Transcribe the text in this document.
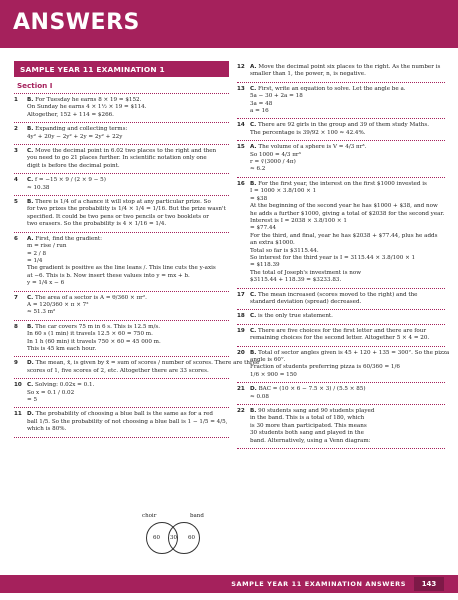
ANSWERS
SAMPLE YEAR 11 EXAMINATION 1
Section I
1	B. For Tuesday he earns 8 × 19 = $152.
On Sunday he earns 4 × 1½ × 19 = $114.
Altogether, 152 + 114 = $266.
2	B. Expanding and collecting terms:
4y² + 20y − 2y² + 2y = 2y² + 22y
3	C. Move the decimal point in 6.02 two places to the right and then
you need to go 21 places further. In scientific notation only one
digit is before the decimal point.
4	C. f = −15 × 9 / (2 × 9 − 5)
≈ 10.38
5	B. There is 1/4 of a chance it will stop at any particular prize. So
for two prizes the probability is 1/4 × 1/4 = 1/16. But the prize wasn't
specified. It could be two pens or two pencils or two booklets or
two erasers. So the probability is 4 × 1/16 = 1/4.
6	A. First, find the gradient:
m = rise / run
= 2 / 8
= 1/4
The gradient is positive as the line leans /. This line cuts the y-axis
at −6. This is b. Now insert these values into y = mx + b.
y = 1/4 x − 6
7	C. The area of a sector is A = θ/360 × πr².
A = 120/360 × π × 7²
≈ 51.3 m²
8	B. The car covers 75 m in 6 s. This is 12.5 m/s.
In 60 s (1 min) it travels 12.5 × 60 = 750 m.
In 1 h (60 min) it travels 750 × 60 = 45 000 m.
This is 45 km each hour.
9	D. The mean, x̄, is given by x̄ = sum of scores / number of scores. There are three
scores of 1, five scores of 2, etc. Altogether there are 33 scores.
10 C. Solving: 0.02x = 0.1.
So x = 0.1 / 0.02
= 5
11 D. The probability of choosing a blue ball is the same as for a red
ball 1/5. So the probability of not choosing a blue ball is 1 − 1/5 = 4/5,
which is 80%.
12 A. Move the decimal point six places to the right. As the number is
smaller than 1, the power, n, is negative.
13 C. First, write an equation to solve. Let the angle be a.
5a − 30 + 2a = 18
3a = 48
a = 16
14 C. There are 92 girls in the group and 39 of them study Maths.
The percentage is 39/92 × 100 ≈ 42.4%.
15 A. The volume of a sphere is V = 4/3 πr³.
So 1000 = 4/3 πr³
r = ∛(3000 / 4π)
≈ 6.2
16 B. For the first year, the interest on the first $1000 invested is
I = 1000 × 3.8/100 × 1
= $38
At the beginning of the second year he has $1000 + $38, and now
he adds a further $1000, giving a total of $2038 for the second year.
Interest is I = 2038 × 3.8/100 × 1
= $77.44
For the third, and final, year he has $2038 + $77.44, plus he adds
an extra $1000.
Total so far is $3115.44.
So interest for the third year is I = 3115.44 × 3.8/100 × 1
= $118.39
The total of Joseph's investment is now
$3115.44 + 118.39 = $3233.83.
17 C. The mean increased (scores moved to the right) and the
standard deviation (spread) decreased.
18 C. is the only true statement.
19 C. There are five choices for the first letter and there are four
remaining choices for the second letter. Altogether 5 × 4 = 20.
20 B. Total of sector angles given is 45 + 120 + 135 = 300°. So the pizza
angle is 60°.
Fraction of students preferring pizza is 60/360 = 1/6
1/6 × 900 = 150
21 D. BAC = (10 × 6 − 7.5 × 3) / (5.5 × 85)
≈ 0.08
22 B. 90 students sang and 90 students played
in the band. This is a total of 180, which
is 30 more than participated. This means
30 students both sang and played in the
band. Alternatively, using a Venn diagram:
choir	band
60 30 60
SAMPLE YEAR 11 EXAMINATION ANSWERS	143
